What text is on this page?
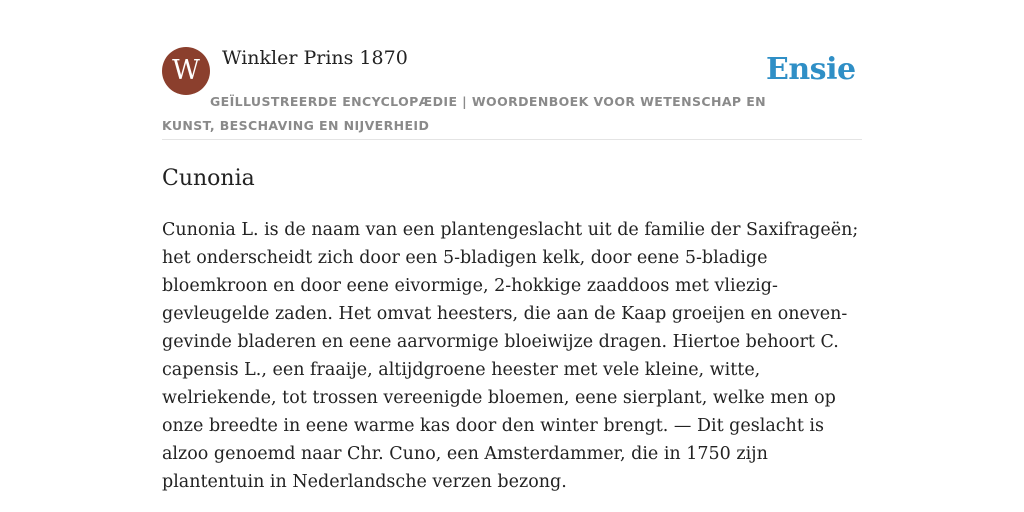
W	Winkler Prins 1870	Ensie
GEÏLLUSTREERDE ENCYCLOPÆDIE | WOORDENBOEK VOOR WETENSCHAP EN KUNST, BESCHAVING EN NIJVERHEID
Cunonia

Cunonia L. is de naam van een plantengeslacht uit de familie der Saxifrageën; het onderscheidt zich door een 5-bladigen kelk, door eene 5-bladige bloemkroon en door eene eivormige, 2-hokkige zaaddoos met vliezig-gevleugelde zaden. Het omvat heesters, die aan de Kaap groeijen en oneven-gevinde bladeren en eene aarvormige bloeiwijze dragen. Hiertoe behoort C. capensis L., een fraaije, altijdgroene heester met vele kleine, witte, welriekende, tot trossen vereenigde bloemen, eene sierplant, welke men op onze breedte in eene warme kas door den winter brengt. — Dit geslacht is alzoo genoemd naar Chr. Cuno, een Amsterdammer, die in 1750 zijn plantentuin in Nederlandsche verzen bezong.
